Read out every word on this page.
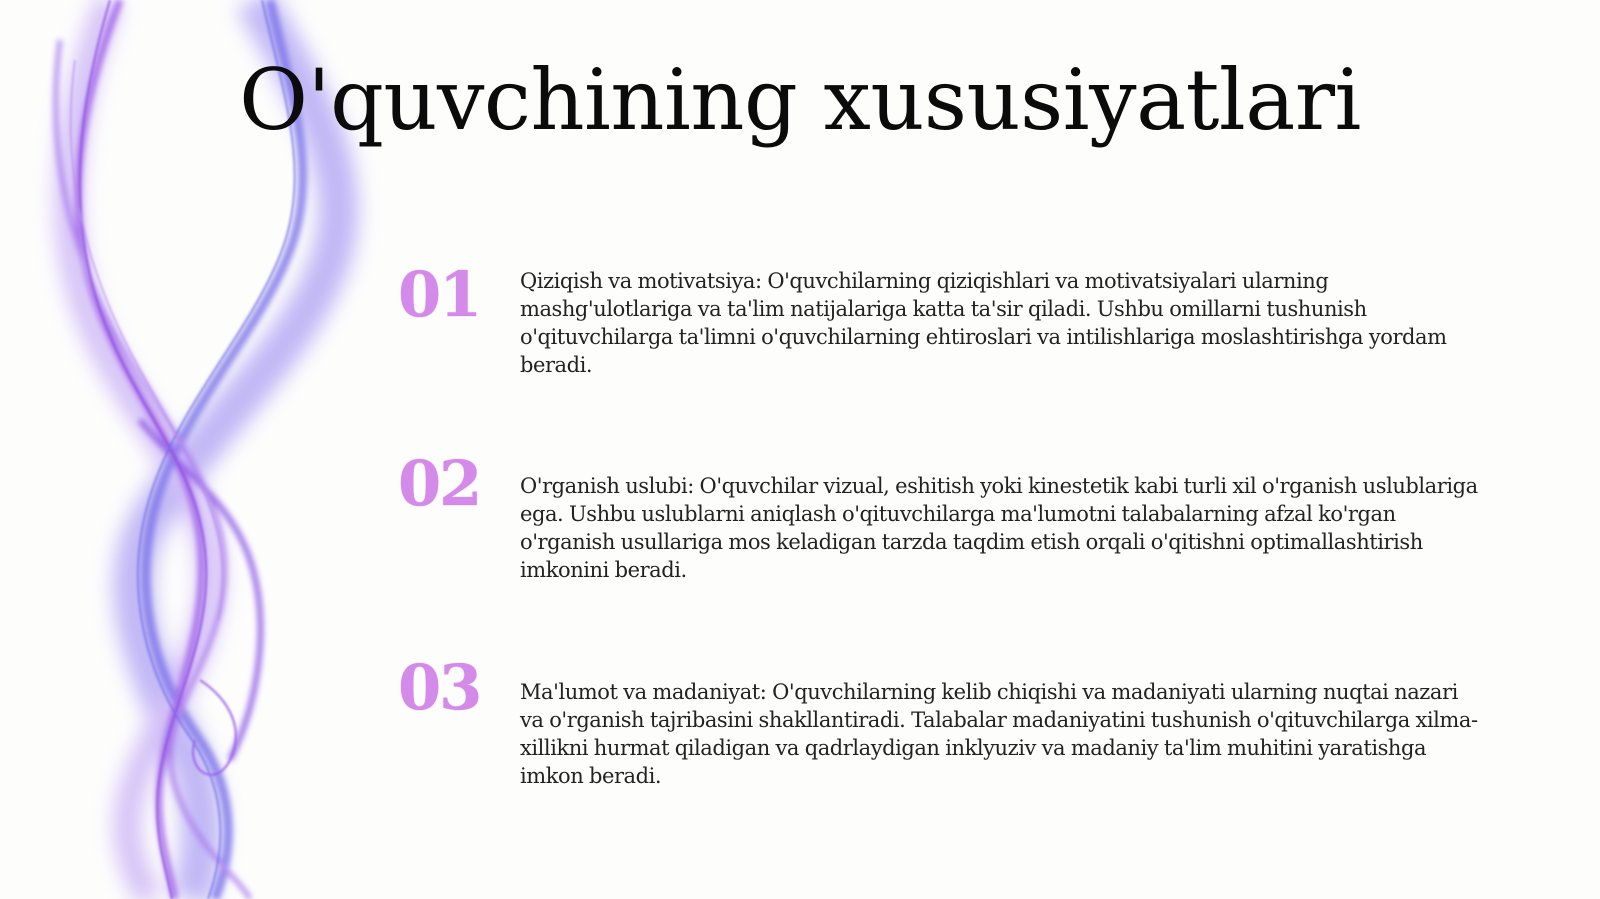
O'quvchining xususiyatlari
01	Qiziqish va motivatsiya: O'quvchilarning qiziqishlari va motivatsiyalari ularning mashg'ulotlariga va ta'lim natijalariga katta ta'sir qiladi. Ushbu omillarni tushunish o'qituvchilarga ta'limni o'quvchilarning ehtiroslari va intilishlariga moslashtirishga yordam beradi.
02	O'rganish uslubi: O'quvchilar vizual, eshitish yoki kinestetik kabi turli xil o'rganish uslublariga ega. Ushbu uslublarni aniqlash o'qituvchilarga ma'lumotni talabalarning afzal ko'rgan o'rganish usullariga mos keladigan tarzda taqdim etish orqali o'qitishni optimallashtirish imkonini beradi.
03	Ma'lumot va madaniyat: O'quvchilarning kelib chiqishi va madaniyati ularning nuqtai nazari va o'rganish tajribasini shakllantiradi. Talabalar madaniyatini tushunish o'qituvchilarga xilma-xillikni hurmat qiladigan va qadrlaydigan inklyuziv va madaniy ta'lim muhitini yaratishga imkon beradi.
